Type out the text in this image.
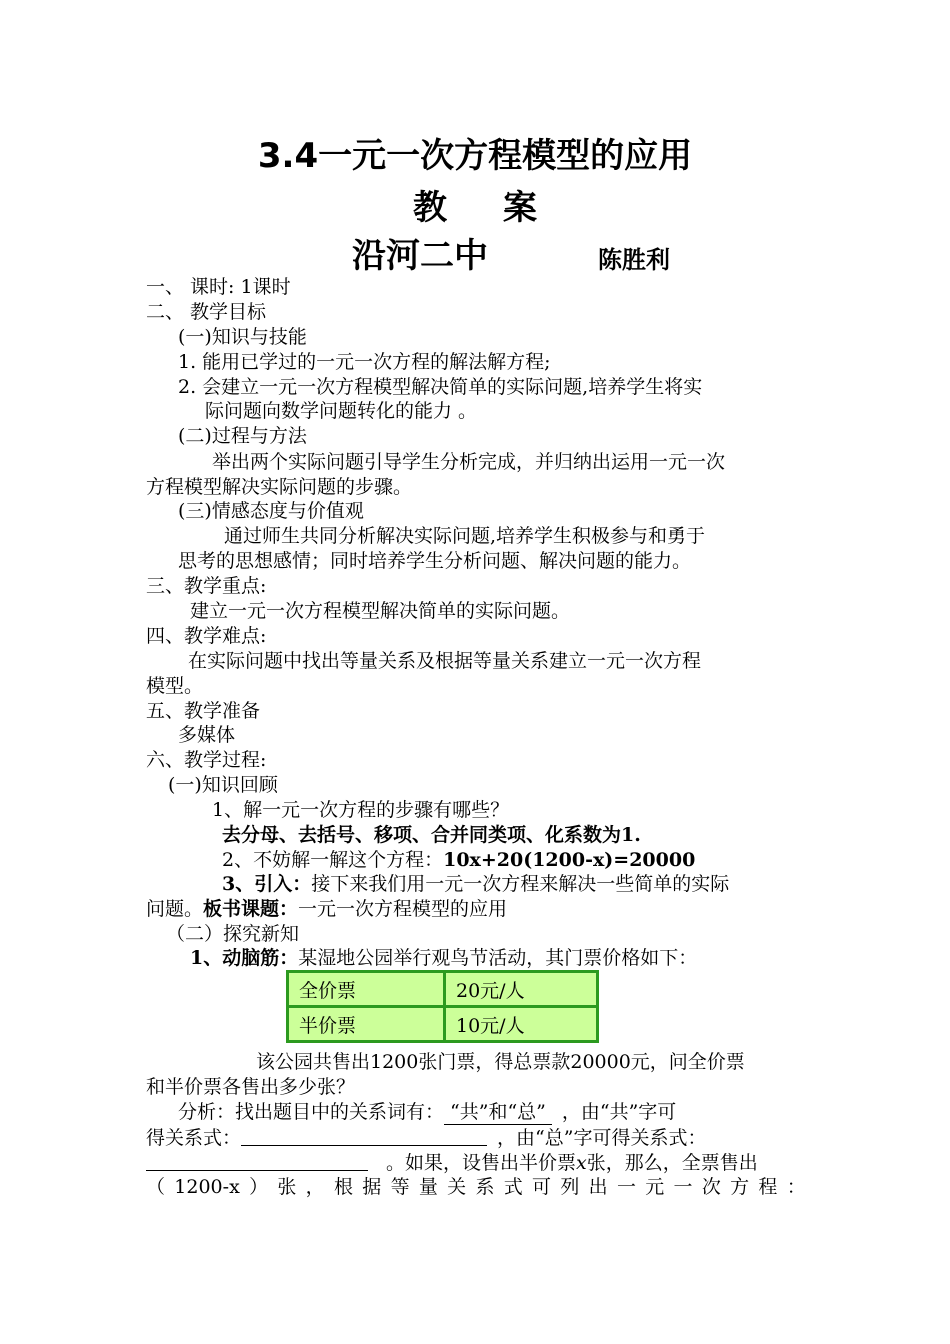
3.4一元一次方程模型的应用
教案
沿河二中	陈胜利
一、 课时: 1课时
二、 教学目标
(一)知识与技能
1. 能用已学过的一元一次方程的解法解方程;
2. 会建立一元一次方程模型解决简单的实际问题,培养学生将实
际问题向数学问题转化的能力 。
(二)过程与方法
举出两个实际问题引导学生分析完成，并归纳出运用一元一次
方程模型解决实际问题的步骤。
(三)情感态度与价值观
通过师生共同分析解决实际问题,培养学生积极参与和勇于
思考的思想感情；同时培养学生分析问题、解决问题的能力。
三、教学重点:
建立一元一次方程模型解决简单的实际问题。
四、教学难点:
在实际问题中找出等量关系及根据等量关系建立一元一次方程
模型。
五、教学准备
多媒体
六、教学过程:
(一)知识回顾
1、解一元一次方程的步骤有哪些？
去分母、去括号、移项、合并同类项、化系数为1.
2、不妨解一解这个方程：10x+20(1200-x)=20000
3、引入：接下来我们用一元一次方程来解决一些简单的实际
问题。板书课题：一元一次方程模型的应用
（二）探究新知
1、动脑筋：某湿地公园举行观鸟节活动，其门票价格如下：
全价票	20元/人
半价票	10元/人
该公园共售出1200张门票，得总票款20000元，问全价票
和半价票各售出多少张？
分析：找出题目中的关系词有： “共”和“总” ，由“共”字可
得关系式：	，由“总”字可得关系式：
。如果，设售出半价票x张，那么，全票售出
（ 1200-x ） 张 ， 根 据 等 量 关 系 式 可 列 出 一 元 一 次 方 程 ：
